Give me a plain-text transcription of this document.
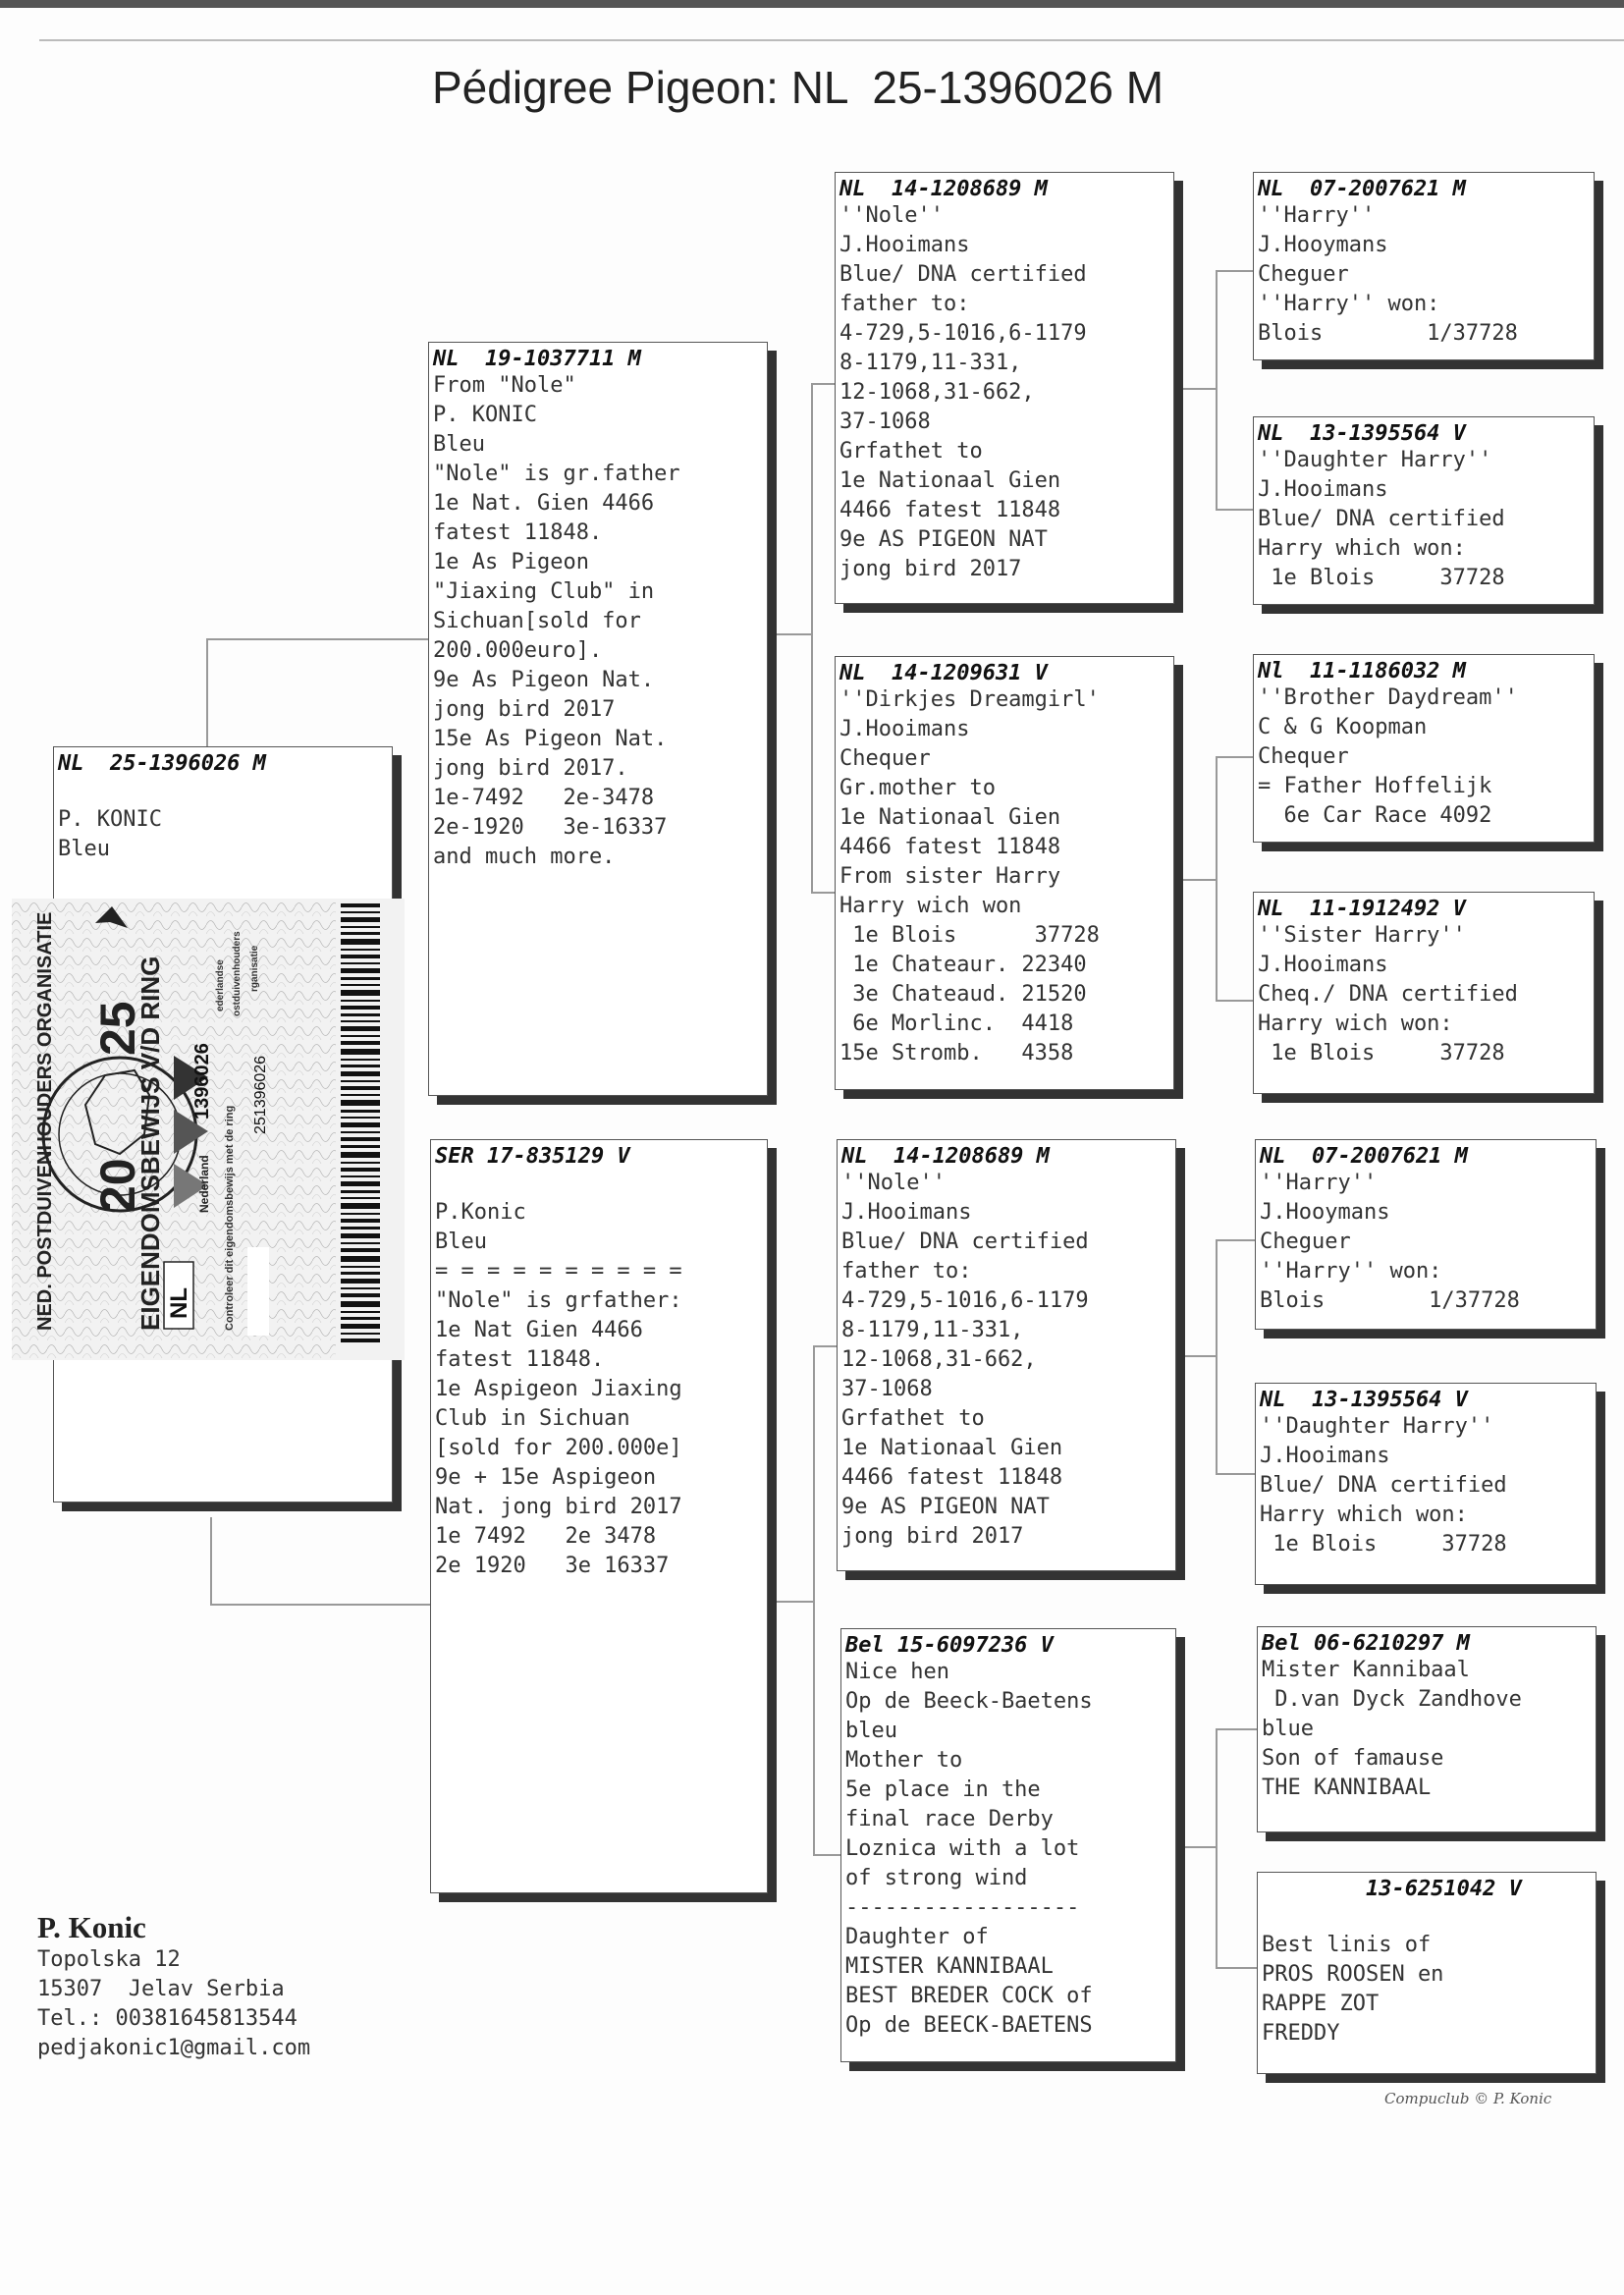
Pédigree Pigeon: NL  25-1396026 M
NL  25-1396026 M
P. KONIC
Bleu
NED. POSTDUIVENHOUDERS ORGANISATIE 20
25
EIGENDOMSBEWIJS V/D RING NL
Nederland
1396026
ederlandse ostduivenhouders rganisatie
Controleer dit eigendomsbewijs met de ring
251396026
NL  19-1037711 M
From "Nole"
P. KONIC
Bleu
"Nole" is gr.father
1e Nat. Gien 4466
fatest 11848.
1e As Pigeon
"Jiaxing Club" in
Sichuan[sold for
200.000euro].
9e As Pigeon Nat.
jong bird 2017
15e As Pigeon Nat.
jong bird 2017.
1e-7492   2e-3478
2e-1920   3e-16337
and much more.
SER 17-835129 V
P.Konic
Bleu
= = = = = = = = = =
"Nole" is grfather:
1e Nat Gien 4466
fatest 11848.
1e Aspigeon Jiaxing
Club in Sichuan
[sold for 200.000e]
9e + 15e Aspigeon
Nat. jong bird 2017
1e 7492   2e 3478
2e 1920   3e 16337
NL  14-1208689 M
''Nole''
J.Hooimans
Blue/ DNA certified
father to:
4-729,5-1016,6-1179
8-1179,11-331,
12-1068,31-662,
37-1068
Grfathet to
1e Nationaal Gien
4466 fatest 11848
9e AS PIGEON NAT
jong bird 2017
NL  14-1209631 V
''Dirkjes Dreamgirl'
J.Hooimans
Chequer
Gr.mother to
1e Nationaal Gien
4466 fatest 11848
From sister Harry
Harry wich won
1e Blois      37728
1e Chateaur. 22340
3e Chateaud. 21520
6e Morlinc.  4418
15e Stromb.   4358
NL  14-1208689 M
''Nole''
J.Hooimans
Blue/ DNA certified
father to:
4-729,5-1016,6-1179
8-1179,11-331,
12-1068,31-662,
37-1068
Grfathet to
1e Nationaal Gien
4466 fatest 11848
9e AS PIGEON NAT
jong bird 2017
Bel 15-6097236 V
Nice hen
Op de Beeck-Baetens
bleu
Mother to
5e place in the
final race Derby
Loznica with a lot
of strong wind
------------------
Daughter of
MISTER KANNIBAAL
BEST BREDER COCK of
Op de BEECK-BAETENS
NL  07-2007621 M
''Harry''
J.Hooymans
Cheguer
''Harry'' won:
Blois        1/37728
NL  13-1395564 V
''Daughter Harry''
J.Hooimans
Blue/ DNA certified
Harry which won:
1e Blois     37728
Nl  11-1186032 M
''Brother Daydream''
C & G Koopman
Chequer
= Father Hoffelijk
6e Car Race 4092
NL  11-1912492 V
''Sister Harry''
J.Hooimans
Cheq./ DNA certified
Harry wich won:
1e Blois     37728
NL  07-2007621 M
''Harry''
J.Hooymans
Cheguer
''Harry'' won:
Blois        1/37728
NL  13-1395564 V
''Daughter Harry''
J.Hooimans
Blue/ DNA certified
Harry which won:
1e Blois     37728
Bel 06-6210297 M
Mister Kannibaal
D.van Dyck Zandhove
blue
Son of famause
THE KANNIBAAL
13-6251042 V
Best linis of
PROS ROOSEN en
RAPPE ZOT
FREDDY
P. Konic
Topolska 12
15307  Jelav Serbia
Tel.: 00381645813544
pedjakonic1@gmail.com
Compuclub © P. Konic
